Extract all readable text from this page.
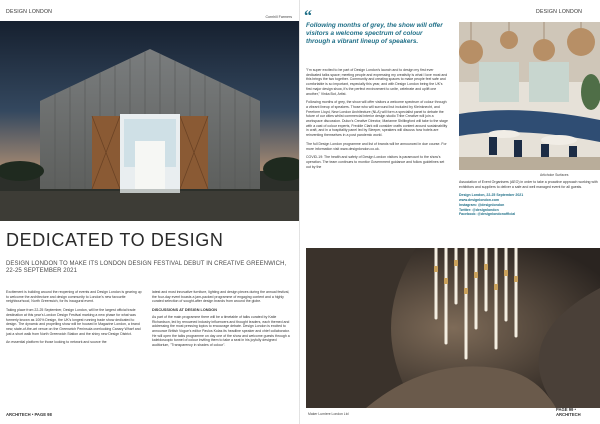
DESIGN LONDON
Cornhill Farmers
DEDICATED TO DESIGN
DESIGN LONDON TO MAKE ITS LONDON DESIGN FESTIVAL DEBUT IN CREATIVE GREENWICH, 22-25 SEPTEMBER 2021

Excitement is building around the reopening of events and Design London is gearing up to welcome the architecture and design community to London's new favourite neighbourhood, North Greenwich, for its inaugural event.

Taking place from 22-25 September, Design London, will be the largest official trade destination at this year's London Design Festival marking a new phase for what was formerly known as 100% Design, the UK's longest running trade show dedicated to design. The dynamic and propelling show will be housed in Magazine London, a brand new, state-of-the-art venue on the Greenwich Peninsula overlooking Canary Wharf and just a short walk from North Greenwich Station and the shiny new Design District.

An essential platform for those looking to network and source the

latest and most innovative furniture, lighting and design pieces during the annual festival, the four-day event boasts a jam-packed programme of engaging content and a highly curated selection of sought-after design brands from around the globe.

DISCUSSIONS AT DESIGN LONDON

As part of the main programme there will be a timetable of talks curated by Katie Richardson, led by renowned industry influencers and thought leaders, each themed and addressing the most pressing topics to encourage debate. Design London is excited to announce British Vogue's editor Pavlos Kolas its headline speaker and chief collaborator. He will open the talks programme on day one of the show and welcome guests through a kaleidoscopic tunnel of colour inviting them to take a seat in his joyfully designed auditorium, "Transparency in shades of colour".

ARCHITECH • PAGE 98
DESIGN LONDON
“
Following months of grey, the show will offer visitors a welcome spectrum of colour through a vibrant lineup of speakers.

"I'm super excited to be part of Design London's launch and to design my first ever dedicated talks space; meeting people and expressing my creativity is what I love most and this brings the two together. Community and creating spaces to make people feel safe and comfortable is so important, especially this year, and with Design London being the UK's first major design show, it's the perfect environment to unite, celebrate and uplift one another," Vinka Bot, Artist.

Following months of grey, the show will offer visitors a welcome spectrum of colour through a vibrant lineup of speakers. Those who will surround but included by Kleinknecht, and Freeform Lloyd, New London Architecture (NLA) will form a specialist panel to debate the future of our cities whilst commercial interior design studio Tribe Creative will join a workspace discussion. Dulux's Creative Director, Marianne Shillingford will take to the stage with a cast of colour experts, Freddie Clark will consider crafts content around sustainability in craft, and in a hospitality panel led by Sleeper, speakers will discuss how hotels are reinventing themselves in a post pandemic world.

The full Design London programme and list of brands will be announced in due course. For more information visit www.designlondon.co.uk.

COVID-19: The health and safety of Design London visitors is paramount to the show's operation. The team continues to monitor Government guidance and follow guidelines set out by the

Artichoke Surfaces

Association of Event Organisers (AEO) in order to take a proactive approach working with exhibitors and suppliers to deliver a safe and well managed event for all guests.

Design London, 22-25 September 2021
www.designlondon.com
Instagram: @designlondon
Twitter: @designlondon
Facebook: @designlondonofficial
Maker Lumiere London Ltd
PAGE 99 • ARCHITECH
